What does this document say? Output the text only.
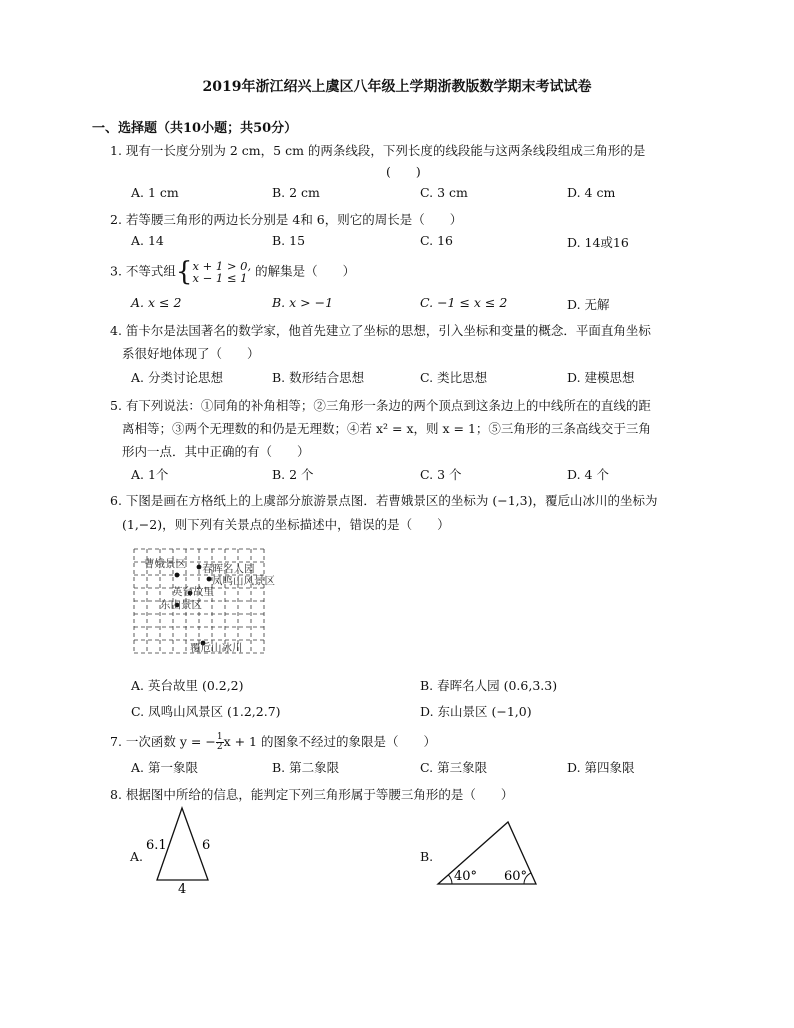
2019年浙江绍兴上虞区八年级上学期浙教版数学期末考试试卷
一、选择题（共10小题；共50分）
1. 现有一长度分别为 2 cm，5 cm 的两条线段，下列长度的线段能与这两条线段组成三角形的是
(　　)
A. 1 cm	B. 2 cm	C. 3 cm	D. 4 cm
2. 若等腰三角形的两边长分别是 4和 6，则它的周长是（　　）
A. 14	B. 15	C. 16	D. 14或16
3. 不等式组{ x + 1 > 0,
x − 1 ≤ 1 的解集是（　　）
A. x ≤ 2	B. x > −1	C. −1 ≤ x ≤ 2	D. 无解
4. 笛卡尔是法国著名的数学家，他首先建立了坐标的思想，引入坐标和变量的概念．平面直角坐标
系很好地体现了（　　）
A. 分类讨论思想	B. 数形结合思想	C. 类比思想	D. 建模思想
5. 有下列说法：①同角的补角相等；②三角形一条边的两个顶点到这条边上的中线所在的直线的距
离相等；③两个无理数的和仍是无理数；④若 x² = x，则 x = 1；⑤三角形的三条高线交于三角
形内一点．其中正确的有（　　）
A. 1个	B. 2 个	C. 3 个	D. 4 个
6. 下图是画在方格纸上的上虞部分旅游景点图．若曹娥景区的坐标为 (−1,3)，覆卮山冰川的坐标为
(1,−2)，则下列有关景点的坐标描述中，错误的是（　　）
曹娥景区 春晖名人园
凤鸣山风景区
英台故里
东山景区
覆卮山冰川
A. 英台故里 (0.2,2)	B. 春晖名人园 (0.6,3.3)
C. 凤鸣山风景区 (1.2,2.7)	D. 东山景区 (−1,0)
7. 一次函数 y = − $\frac{1}{2}$ x + 1 的图象不经过的象限是（　　）
A. 第一象限	B. 第二象限	C. 第三象限	D. 第四象限
8. 根据图中所给的信息，能判定下列三角形属于等腰三角形的是（　　）
A.
6.1	6
4
B.
40° 60°
